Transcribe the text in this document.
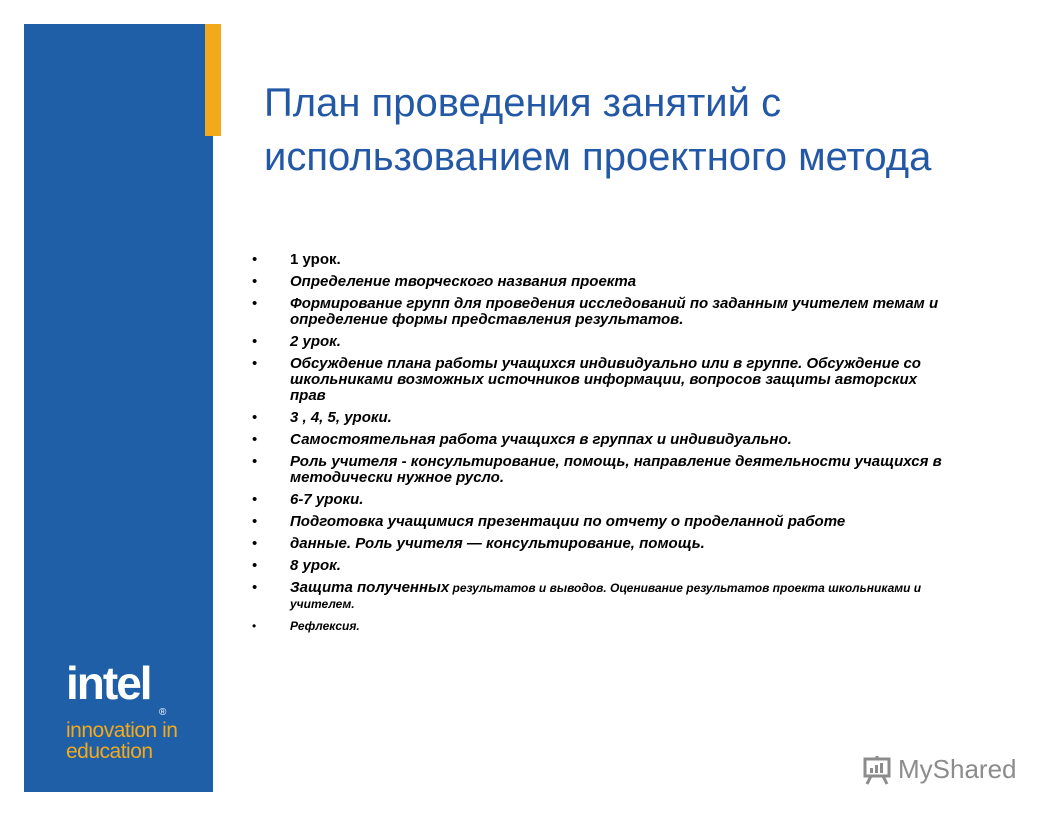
intel
®
innovation in
education
План проведения занятий с использованием проектного метода
• 1 урок.
• Определение творческого названия проекта
• Формирование групп для проведения исследований по заданным учителем темам и определение формы представления результатов.
• 2 урок.
• Обсуждение плана работы учащихся индивидуально или в группе. Обсуждение со школьниками возможных источников информации, вопросов защиты авторских прав
• 3 , 4, 5, уроки.
• Самостоятельная работа учащихся в группах и индивидуально.
• Роль учителя - консультирование, помощь, направление деятельности учащихся в методически нужное русло.
• 6-7 уроки.
• Подготовка учащимися презентации по отчету о проделанной работе
• данные. Роль учителя — консультирование, помощь.
• 8 урок.
• Защита полученных результатов и выводов. Оценивание результатов проекта школьниками и учителем.
• Рефлексия.
MyShared
